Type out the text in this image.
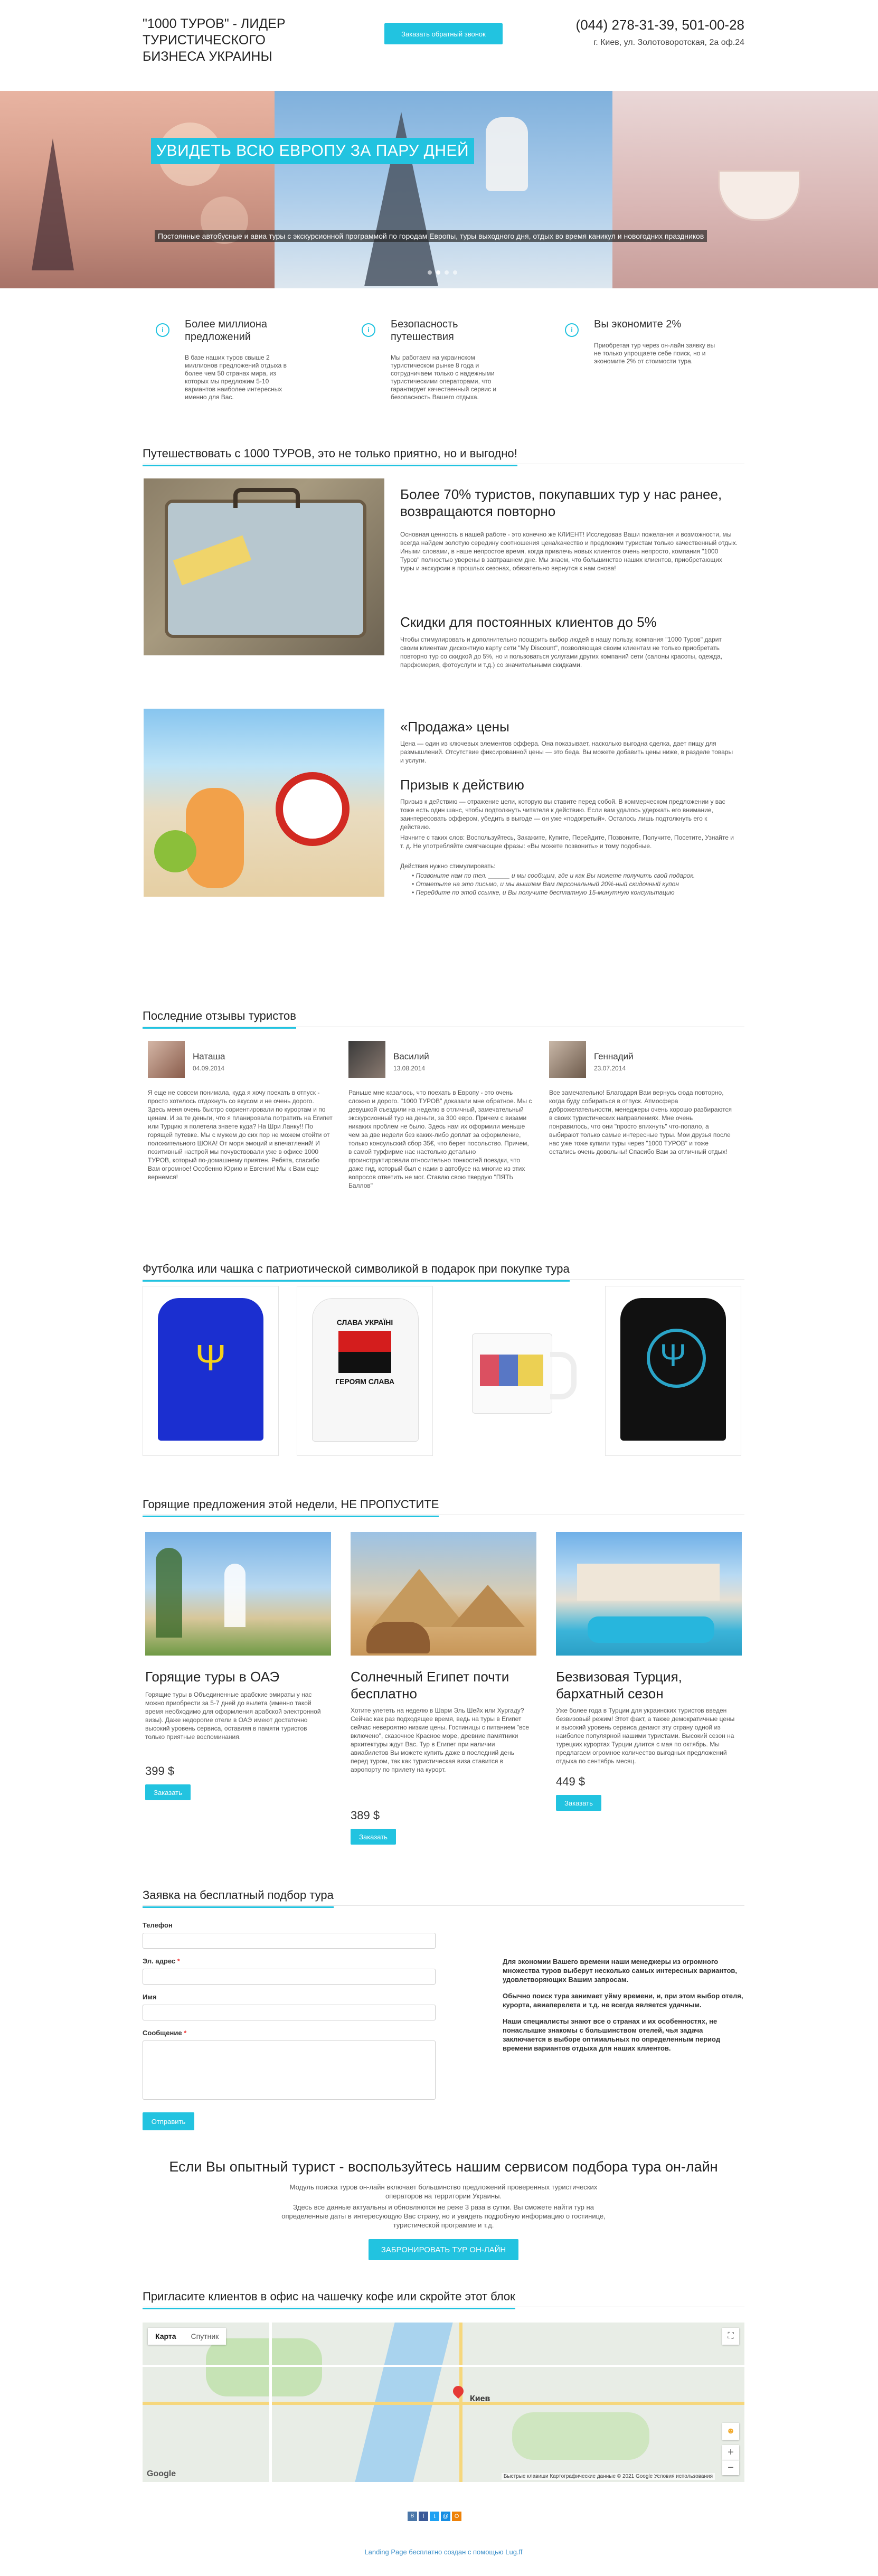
"1000 ТУРОВ" - ЛИДЕР ТУРИСТИЧЕСКОГО БИЗНЕСА УКРАИНЫ
Заказать обратный звонок
(044) 278-31-39, 501-00-28
г. Киев, ул. Золотоворотская, 2а оф.24
УВИДЕТЬ ВСЮ ЕВРОПУ ЗА ПАРУ ДНЕЙ
Постоянные автобусные и авиа туры с экскурсионной программой по городам Европы, туры выходного дня, отдых во время каникул и новогодних праздников
i	Более миллиона предложений
В базе наших туров свыше 2 миллионов предложений отдыха в более чем 50 странах мира, из которых мы предложим 5-10 вариантов наиболее интересных именно для Вас.
i	Безопасность путешествия
Мы работаем на украинском туристическом рынке 8 года и сотрудничаем только с надежными туристическими операторами, что гарантирует качественный сервис и безопасность Вашего отдыха.
i	Вы экономите 2%
Приобретая тур через он-лайн заявку вы не только упрощаете себе поиск, но и экономите 2% от стоимости тура.
Путешествовать с 1000 ТУРОВ, это не только приятно, но и выгодно!
Более 70% туристов, покупавших тур у нас ранее, возвращаются повторно
Основная ценность в нашей работе - это конечно же КЛИЕНТ! Исследовав Ваши пожелания и возможности, мы всегда найдем золотую середину соотношения цена/качество и предложим туристам только качественный отдых. Иными словами, в наше непростое время, когда привлечь новых клиентов очень непросто, компания "1000 Туров" полностью уверены в завтрашнем дне. Мы знаем, что большинство наших клиентов, приобретающих туры и экскурсии в прошлых сезонах, обязательно вернутся к нам снова!
Скидки для постоянных клиентов до 5%
Чтобы стимулировать и дополнительно поощрить выбор людей в нашу пользу, компания "1000 Туров" дарит своим клиентам дисконтную карту сети "My Discount", позволяющая своим клиентам не только приобретать повторно тур со скидкой до 5%, но и пользоваться услугами других компаний сети (салоны красоты, одежда, парфюмерия, фотоуслуги и т.д.) со значительными скидками.
«Продажа» цены
Цена — один из ключевых элементов оффера. Она показывает, насколько выгодна сделка, дает пищу для размышлений. Отсутствие фиксированной цены — это беда. Вы можете добавить цены ниже, в разделе товары и услуги.
Призыв к действию
Призыв к действию — отражение цели, которую вы ставите перед собой. В коммерческом предложении у вас тоже есть один шанс, чтобы подтолкнуть читателя к действию. Если вам удалось удержать его внимание, заинтересовать оффером, убедить в выгоде — он уже «подогретый». Осталось лишь подтолкнуть его к действию.
Начните с таких слов: Воспользуйтесь, Закажите, Купите, Перейдите, Позвоните, Получите, Посетите, Узнайте и т. д. Не употребляйте смягчающие фразы: «Вы можете позвонить» и тому подобные.
Действия нужно стимулировать:
• Позвоните нам по тел. ______ и мы сообщим, где и как Вы можете получить свой подарок.
• Отметьте на это письмо, и мы вышлем Вам персональный 20%-ный скидочный купон
• Перейдите по этой ссылке, и Вы получите бесплатную 15-минутную консультацию
Последние отзывы туристов
Наташа
04.09.2014
Я еще не совсем понимала, куда я хочу поехать в отпуск - просто хотелось отдохнуть со вкусом и не очень дорого. Здесь меня очень быстро сориентировали по курортам и по ценам. И за те деньги, что я планировала потратить на Египет или Турцию я полетела знаете куда? На Шри Ланку!! По горящей путевке. Мы с мужем до сих пор не можем отойти от положительного ШОКА! От моря эмоций и впечатлений! И позитивный настрой мы почувствовали уже в офисе 1000 ТУРОВ, который по-домашнему приятен. Ребята, спасибо Вам огромное! Особенно Юрию и Евгении! Мы к Вам еще вернемся!
Василий
13.08.2014
Раньше мне казалось, что поехать в Европу - это очень сложно и дорого. "1000 ТУРОВ" доказали мне обратное. Мы с девушкой съездили на неделю в отличный, замечательный экскурсионный тур на деньги, за 300 евро. Причем с визами никаких проблем не было. Здесь нам их оформили меньше чем за две недели без каких-либо доплат за оформление, только консульский сбор 35€, что берет посольство. Причем, в самой турфирме нас настолько детально проинструктировали относительно тонкостей поездки, что даже гид, который был с нами в автобусе на многие из этих вопросов ответить не мог. Ставлю свою твердую "ПЯТЬ Баллов"
Геннадий
23.07.2014
Все замечательно! Благодаря Вам вернусь сюда повторно, когда буду собираться в отпуск. Атмосфера доброжелательности, менеджеры очень хорошо разбираются в своих туристических направлениях. Мне очень понравилось, что они "просто впихнуть" что-попало, а выбирают только самые интересные туры. Мои друзья после нас уже тоже купили туры через "1000 ТУРОВ" и тоже остались очень довольны! Спасибо Вам за отличный отдых!
Футболка или чашка с патриотической символикой в подарок при покупке тура
Ψ
СЛАВА УКРАЇНІ
ГЕРОЯМ СЛАВА
Ψ
Горящие предложения этой недели, НЕ ПРОПУСТИТЕ
Горящие туры в ОАЭ
Горящие туры в Объединенные арабские эмираты у нас можно приобрести за 5-7 дней до вылета (именно такой время необходимо для оформления арабской электронной визы). Даже недорогие отели в ОАЭ имеют достаточно высокий уровень сервиса, оставляя в памяти туристов только приятные воспоминания.
399 $
Заказать
Солнечный Египет почти бесплатно
Хотите улететь на неделю в Шарм Эль Шейх или Хургаду? Сейчас как раз подходящее время, ведь на туры в Египет сейчас невероятно низкие цены. Гостиницы с питанием "все включено", сказочное Красное море, древние памятники архитектуры ждут Вас. Тур в Египет при наличии авиабилетов Вы можете купить даже в последний день перед туром, так как туристическая виза ставится в аэропорту по прилету на курорт.
389 $
Заказать
Безвизовая Турция, бархатный сезон
Уже более года в Турции для украинских туристов введен безвизовый режим! Этот факт, а также демократичные цены и высокий уровень сервиса делают эту страну одной из наиболее популярной нашими туристами. Высокий сезон на турецких курортах Турции длится с мая по октябрь. Мы предлагаем огромное количество выгодных предложений отдыха по сентябрь месяц.
449 $
Заказать
Заявка на бесплатный подбор тура
Телефон
Эл. адрес *
Имя
Сообщение *
Отправить

Для экономии Вашего времени наши менеджеры из огромного множества туров выберут несколько самых интересных вариантов, удовлетворяющих Вашим запросам.

Обычно поиск тура занимает уйму времени, и, при этом выбор отеля, курорта, авиаперелета и т.д. не всегда является удачным.

Наши специалисты знают все о странах и их особенностях, не понаслышке знакомы с большинством отелей, чья задача заключается в выборе оптимальных по определенным период времени вариантов отдыха для наших клиентов.

Если Вы опытный турист - воспользуйтесь нашим сервисом подбора тура он-лайн
Модуль поиска туров он-лайн включает большинство предложений проверенных туристических операторов на территории Украины.
Здесь все данные актуальны и обновляются не реже 3 раза в сутки. Вы сможете найти тур на определенные даты в интересующую Вас страну, но и увидеть подробную информацию о гостинице, туристической программе и т.д.
ЗАБРОНИРОВАТЬ ТУР ОН-ЛАЙН
Пригласите клиентов в офис на чашечку кофе или скройте этот блок
Карта	Спутник	⛶
Киев
☻
+
−
Google	Быстрые клавиши Картографические данные © 2021 Google Условия использования
В	f	t	@	О
Landing Page бесплатно создан с помощью Lug.ff
